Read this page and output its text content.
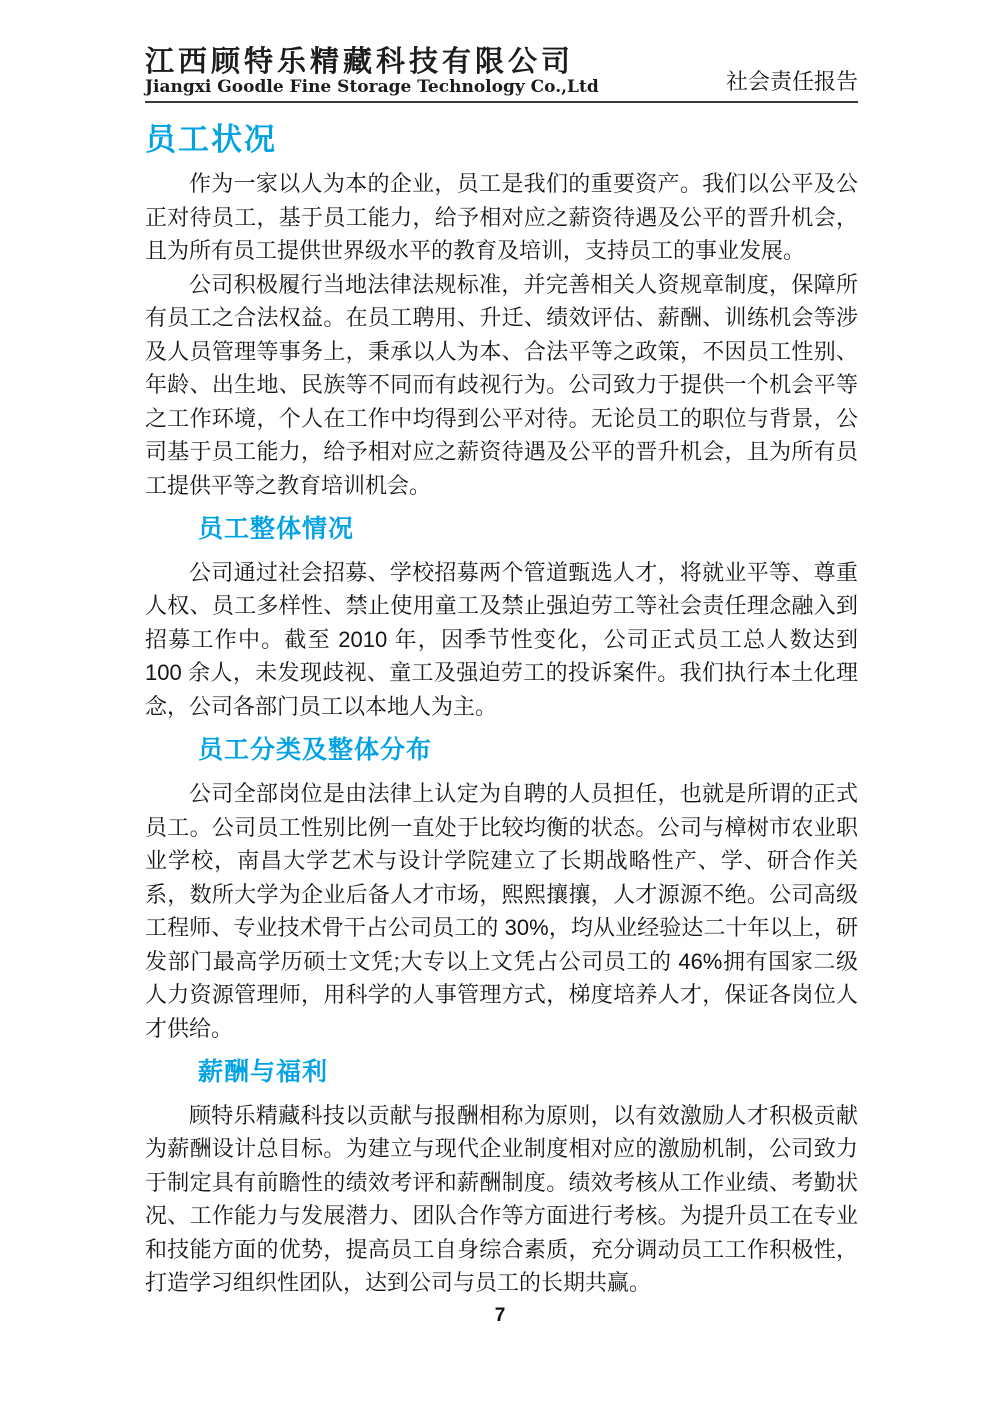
江西顾特乐精藏科技有限公司
Jiangxi Goodle Fine Storage Technology Co.,Ltd	社会责任报告
员工状况

作为一家以人为本的企业，员工是我们的重要资产。我们以公平及公正对待员工，基于员工能力，给予相对应之薪资待遇及公平的晋升机会，且为所有员工提供世界级水平的教育及培训，支持员工的事业发展。

公司积极履行当地法律法规标准，并完善相关人资规章制度，保障所有员工之合法权益。在员工聘用、升迁、绩效评估、薪酬、训练机会等涉及人员管理等事务上，秉承以人为本、合法平等之政策，不因员工性别、年龄、出生地、民族等不同而有歧视行为。公司致力于提供一个机会平等之工作环境，个人在工作中均得到公平对待。无论员工的职位与背景，公司基于员工能力，给予相对应之薪资待遇及公平的晋升机会，且为所有员工提供平等之教育培训机会。

员工整体情况

公司通过社会招募、学校招募两个管道甄选人才，将就业平等、尊重人权、员工多样性、禁止使用童工及禁止强迫劳工等社会责任理念融入到招募工作中。截至 2010 年，因季节性变化，公司正式员工总人数达到 100 余人，未发现歧视、童工及强迫劳工的投诉案件。我们执行本土化理念，公司各部门员工以本地人为主。

员工分类及整体分布

公司全部岗位是由法律上认定为自聘的人员担任，也就是所谓的正式员工。公司员工性别比例一直处于比较均衡的状态。公司与樟树市农业职业学校，南昌大学艺术与设计学院建立了长期战略性产、学、研合作关系，数所大学为企业后备人才市场，熙熙攘攘，人才源源不绝。公司高级工程师、专业技术骨干占公司员工的 30%，均从业经验达二十年以上，研发部门最高学历硕士文凭;大专以上文凭占公司员工的 46%拥有国家二级人力资源管理师，用科学的人事管理方式，梯度培养人才，保证各岗位人才供给。

薪酬与福利

顾特乐精藏科技以贡献与报酬相称为原则，以有效激励人才积极贡献为薪酬设计总目标。为建立与现代企业制度相对应的激励机制，公司致力于制定具有前瞻性的绩效考评和薪酬制度。绩效考核从工作业绩、考勤状况、工作能力与发展潜力、团队合作等方面进行考核。为提升员工在专业和技能方面的优势，提高员工自身综合素质，充分调动员工工作积极性，打造学习组织性团队，达到公司与员工的长期共赢。

7
